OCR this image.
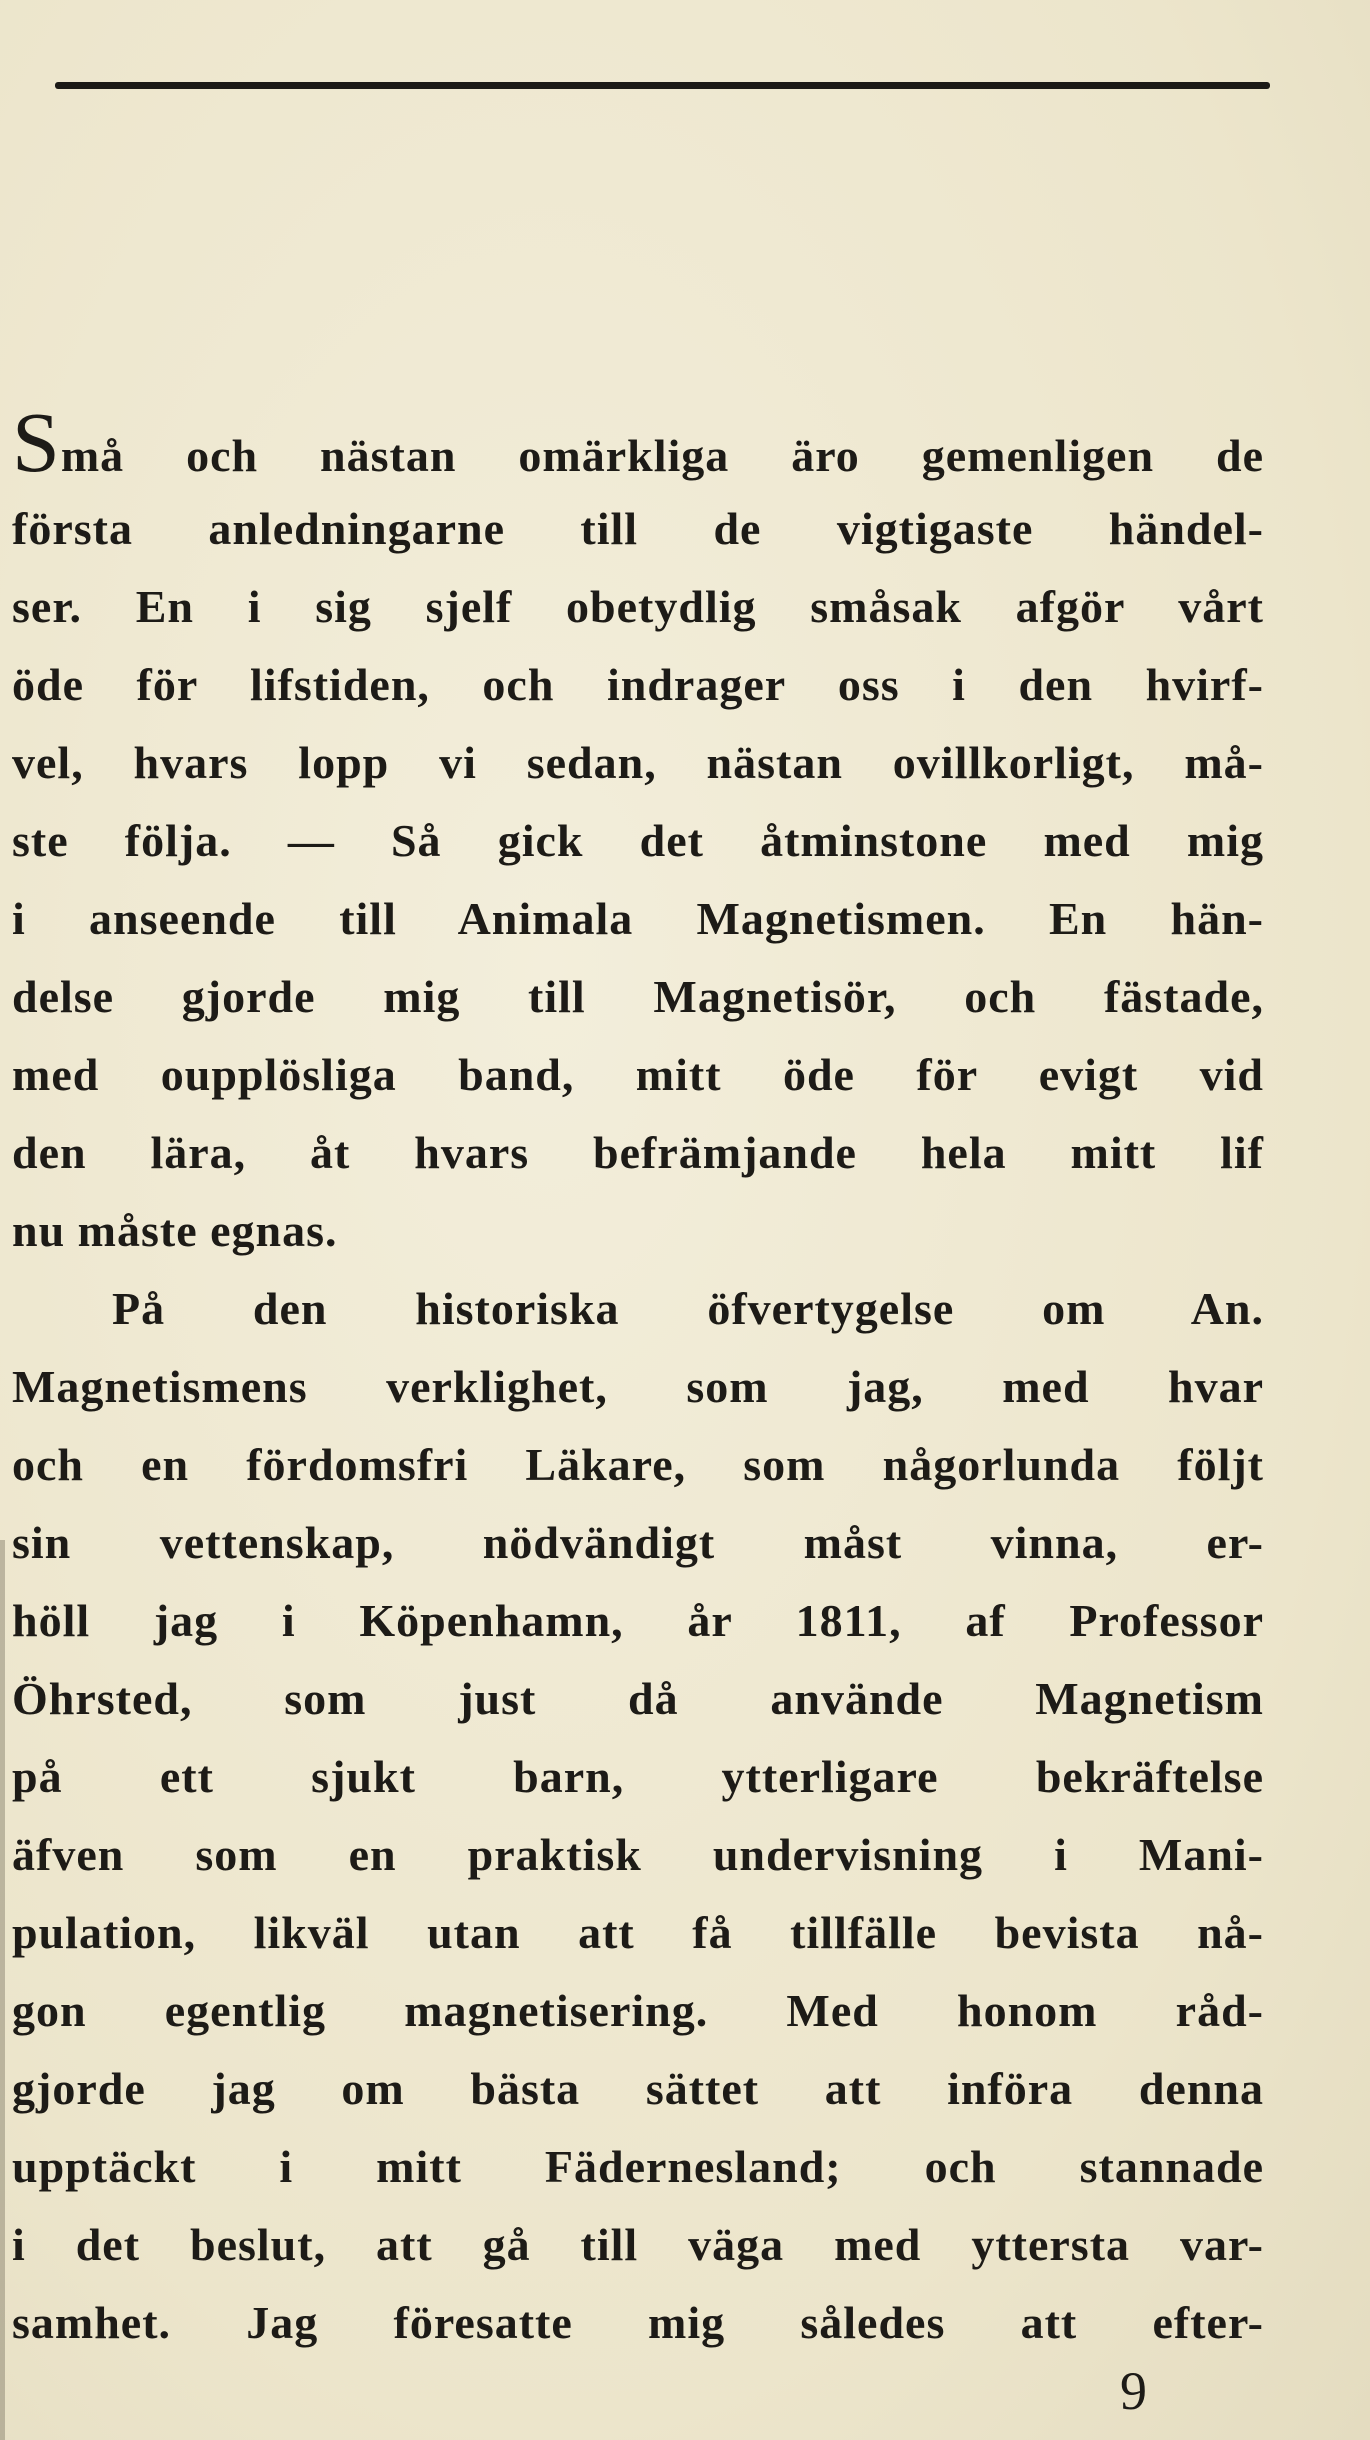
Små och nästan omärkliga äro gemenligen de
första anledningarne till de vigtigaste händel-
ser. En i sig sjelf obetydlig småsak afgör vårt
öde för lifstiden, och indrager oss i den hvirf-
vel, hvars lopp vi sedan, nästan ovillkorligt, må-
ste följa. — Så gick det åtminstone med mig
i anseende till Animala Magnetismen. En hän-
delse gjorde mig till Magnetisör, och fästade,
med oupplösliga band, mitt öde för evigt vid
den lära, åt hvars befrämjande hela mitt lif
nu måste egnas.
På den historiska öfvertygelse om An.
Magnetismens verklighet, som jag, med hvar
och en fördomsfri Läkare, som någorlunda följt
sin vettenskap, nödvändigt måst vinna, er-
höll jag i Köpenhamn, år 1811, af Professor
Öhrsted, som just då använde Magnetism
på ett sjukt barn, ytterligare bekräftelse
äfven som en praktisk undervisning i Mani-
pulation, likväl utan att få tillfälle bevista nå-
gon egentlig magnetisering. Med honom råd-
gjorde jag om bästa sättet att införa denna
upptäckt i mitt Fädernesland; och stannade
i det beslut, att gå till väga med yttersta var-
samhet. Jag föresatte mig således att efter-
9
